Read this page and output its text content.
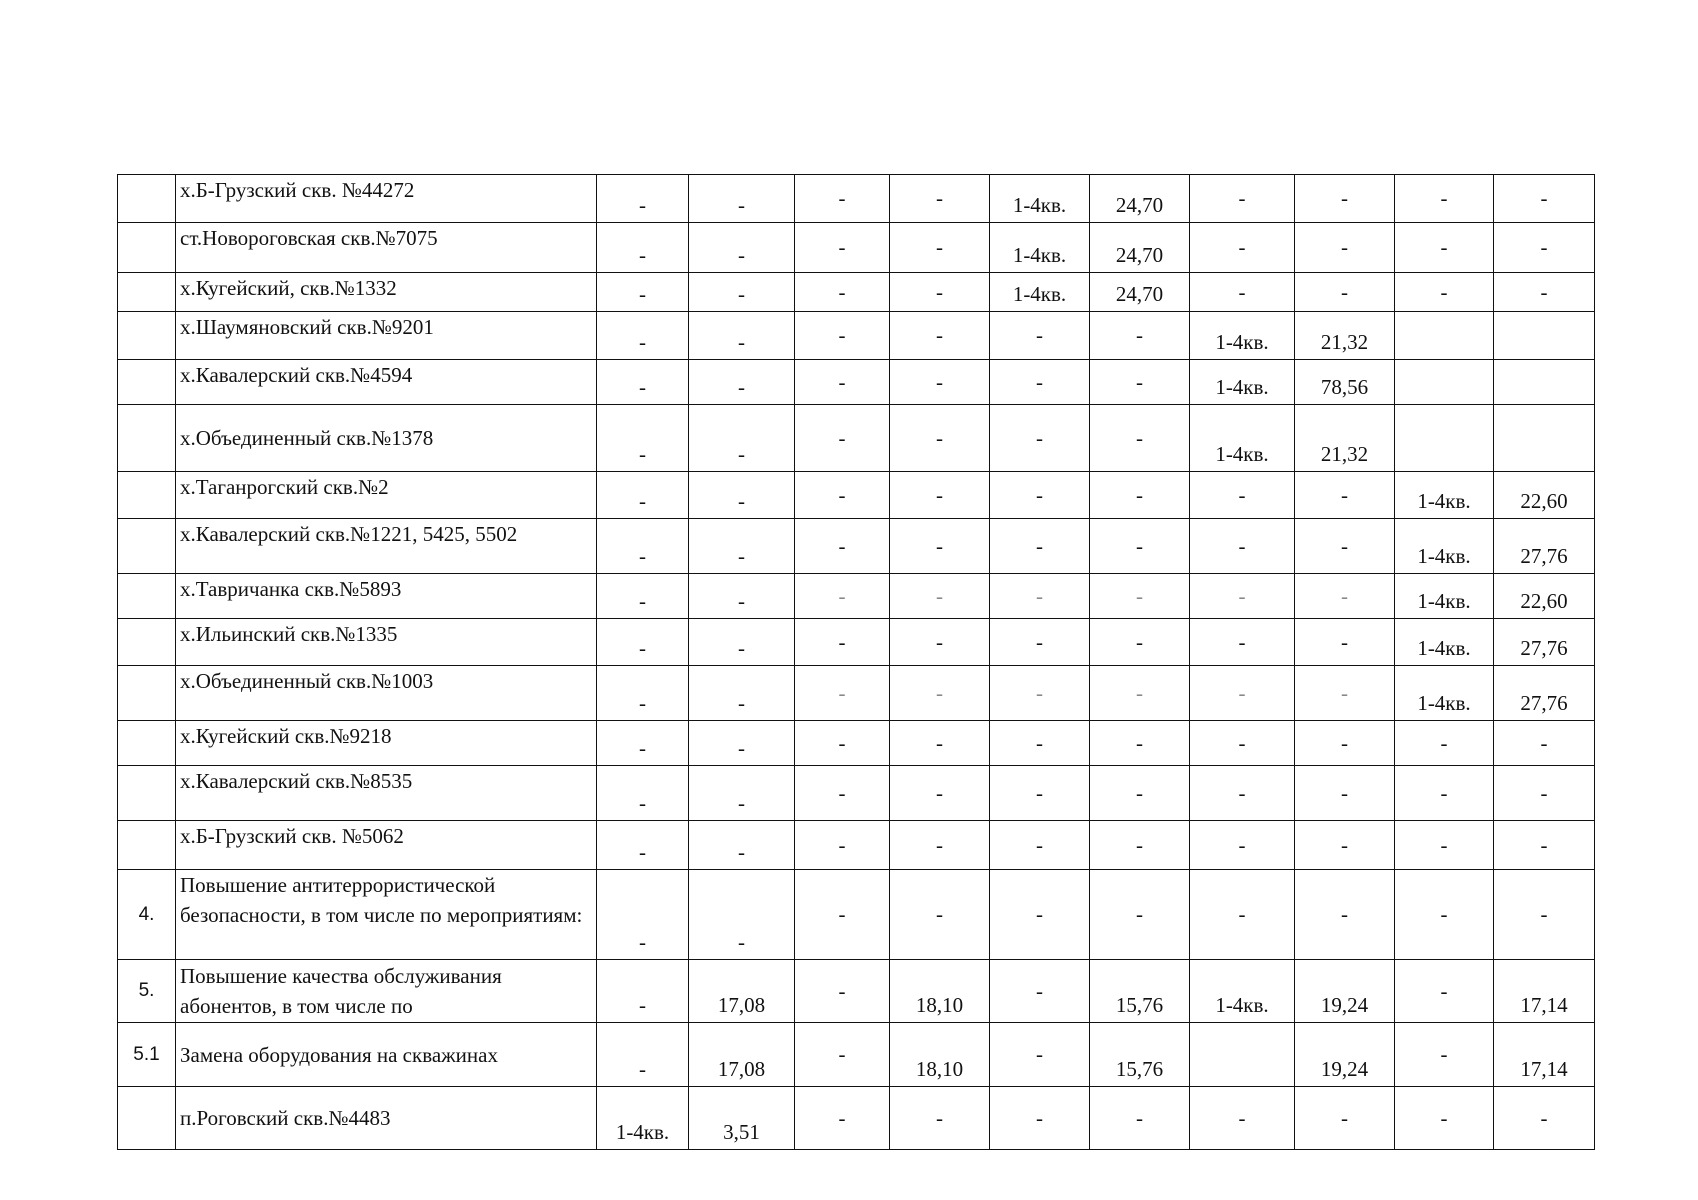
	х.Б-Грузский скв. №44272	-	-	-	-	1-4кв.	24,70	-	-	-	-
	ст.Новороговская скв.№7075	-	-	-	-	1-4кв.	24,70	-	-	-	-
	х.Кугейский, скв.№1332	-	-	-	-	1-4кв.	24,70	-	-	-	-
	х.Шаумяновский скв.№9201	-	-	-	-	-	-	1-4кв.	21,32		
	х.Кавалерский скв.№4594	-	-	-	-	-	-	1-4кв.	78,56		
	х.Объединенный скв.№1378	-	-	-	-	-	-	1-4кв.	21,32		
	х.Таганрогский скв.№2	-	-	-	-	-	-	-	-	1-4кв.	22,60
	х.Кавалерский скв.№1221, 5425, 5502	-	-	-	-	-	-	-	-	1-4кв.	27,76
	х.Тавричанка скв.№5893	-	-	-	-	-	-	-	-	1-4кв.	22,60
	х.Ильинский скв.№1335	-	-	-	-	-	-	-	-	1-4кв.	27,76
	х.Объединенный скв.№1003	-	-	-	-	-	-	-	-	1-4кв.	27,76
	х.Кугейский скв.№9218	-	-	-	-	-	-	-	-	-	-
	х.Кавалерский скв.№8535	-	-	-	-	-	-	-	-	-	-
	х.Б-Грузский скв. №5062	-	-	-	-	-	-	-	-	-	-
4.	Повышение антитеррористической безопасности, в том числе по мероприятиям:	-	-	-	-	-	-	-	-	-	-
5.	Повышение качества обслуживания абонентов, в том числе по	-	17,08	-	18,10	-	15,76	1-4кв.	19,24	-	17,14
5.1	Замена оборудования на скважинах	-	17,08	-	18,10	-	15,76		19,24	-	17,14
	п.Роговский скв.№4483	1-4кв.	3,51	-	-	-	-	-	-	-	-
